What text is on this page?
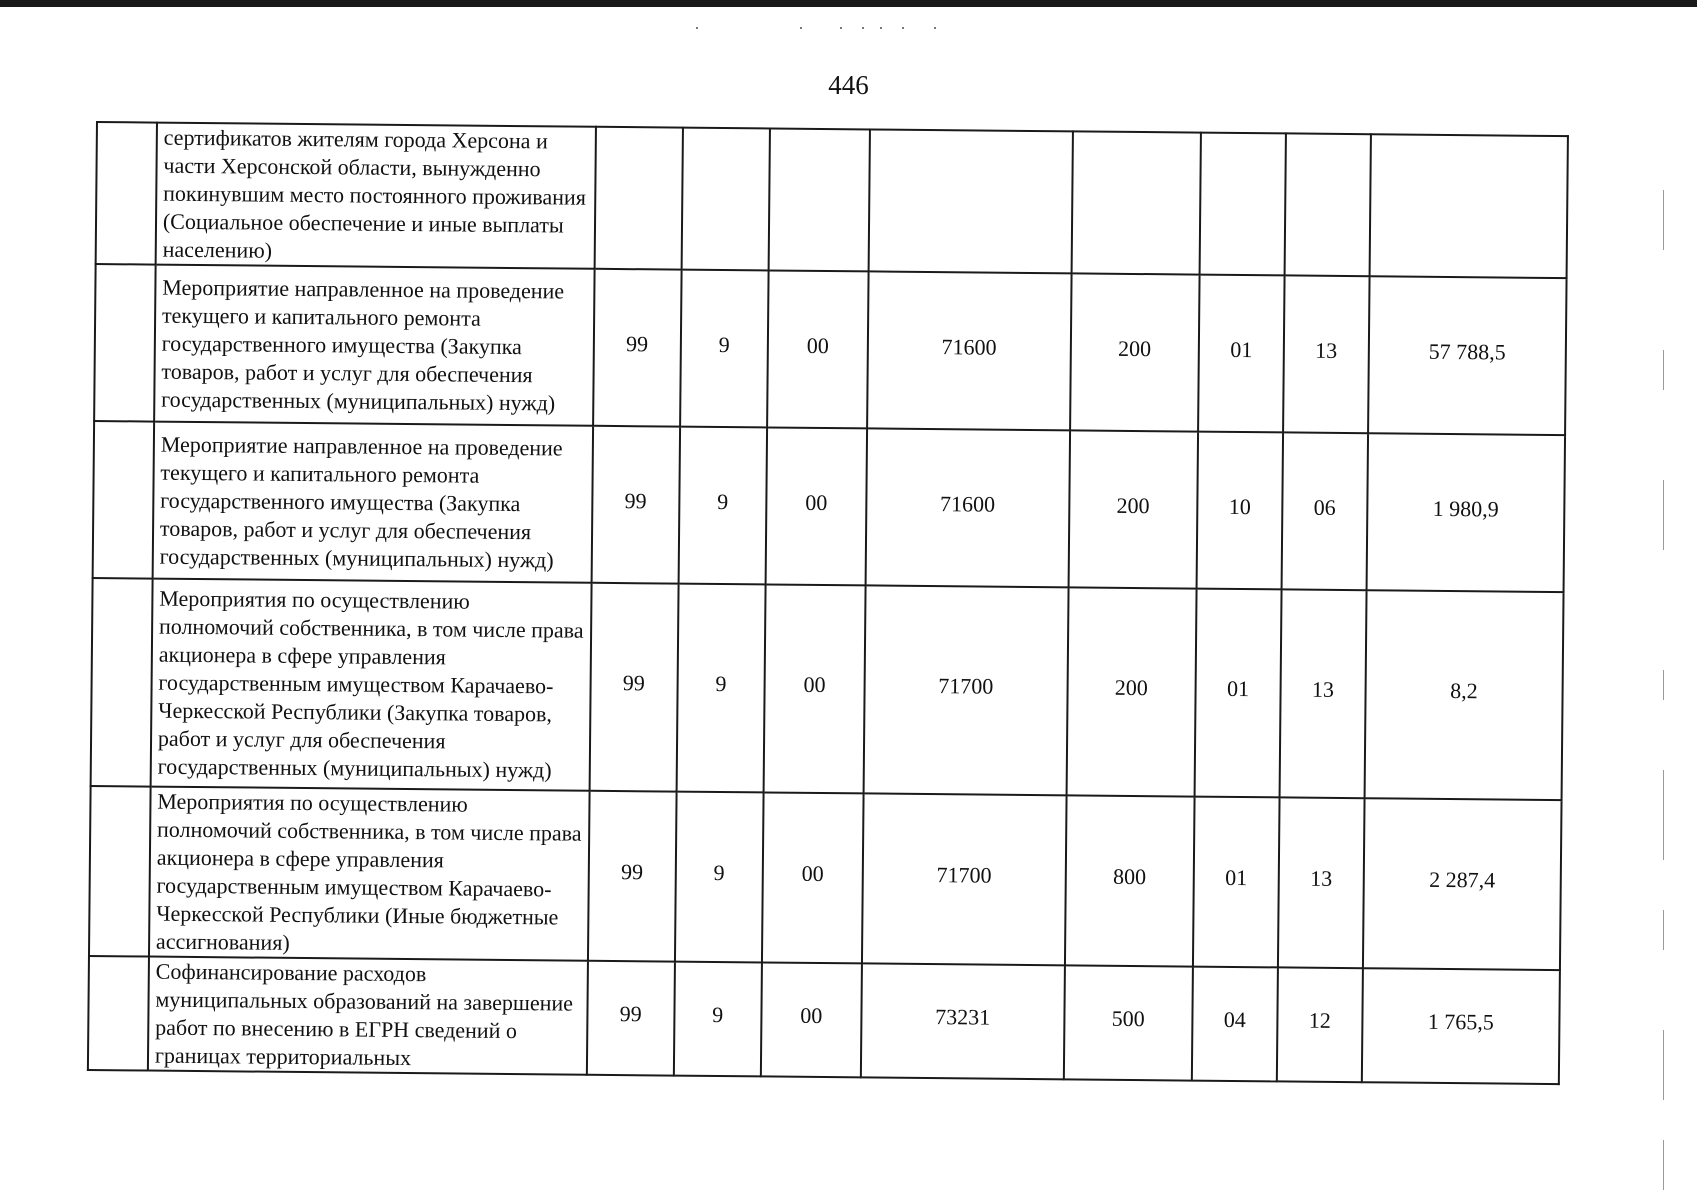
446
	сертификатов жителям города Херсона и части Херсонской области, вынужденно покинувшим место постоянного проживания (Социальное обеспечение и иные выплаты населению)								
	Мероприятие направленное на проведение текущего и капитального ремонта государственного имущества (Закупка товаров, работ и услуг для обеспечения государственных (муниципальных) нужд)	99	9	00	71600	200	01	13	57 788,5
	Мероприятие направленное на проведение текущего и капитального ремонта государственного имущества (Закупка товаров, работ и услуг для обеспечения государственных (муниципальных) нужд)	99	9	00	71600	200	10	06	1 980,9
	Мероприятия по осуществлению полномочий собственника, в том числе права акционера в сфере управления государственным имуществом Карачаево-Черкесской Республики (Закупка товаров, работ и услуг для обеспечения государственных (муниципальных) нужд)	99	9	00	71700	200	01	13	8,2
	Мероприятия по осуществлению полномочий собственника, в том числе права акционера в сфере управления государственным имуществом Карачаево-Черкесской Республики (Иные бюджетные ассигнования)	99	9	00	71700	800	01	13	2 287,4
	Софинансирование расходов муниципальных образований на завершение работ по внесению в ЕГРН сведений о границах территориальных	99	9	00	73231	500	04	12	1 765,5
